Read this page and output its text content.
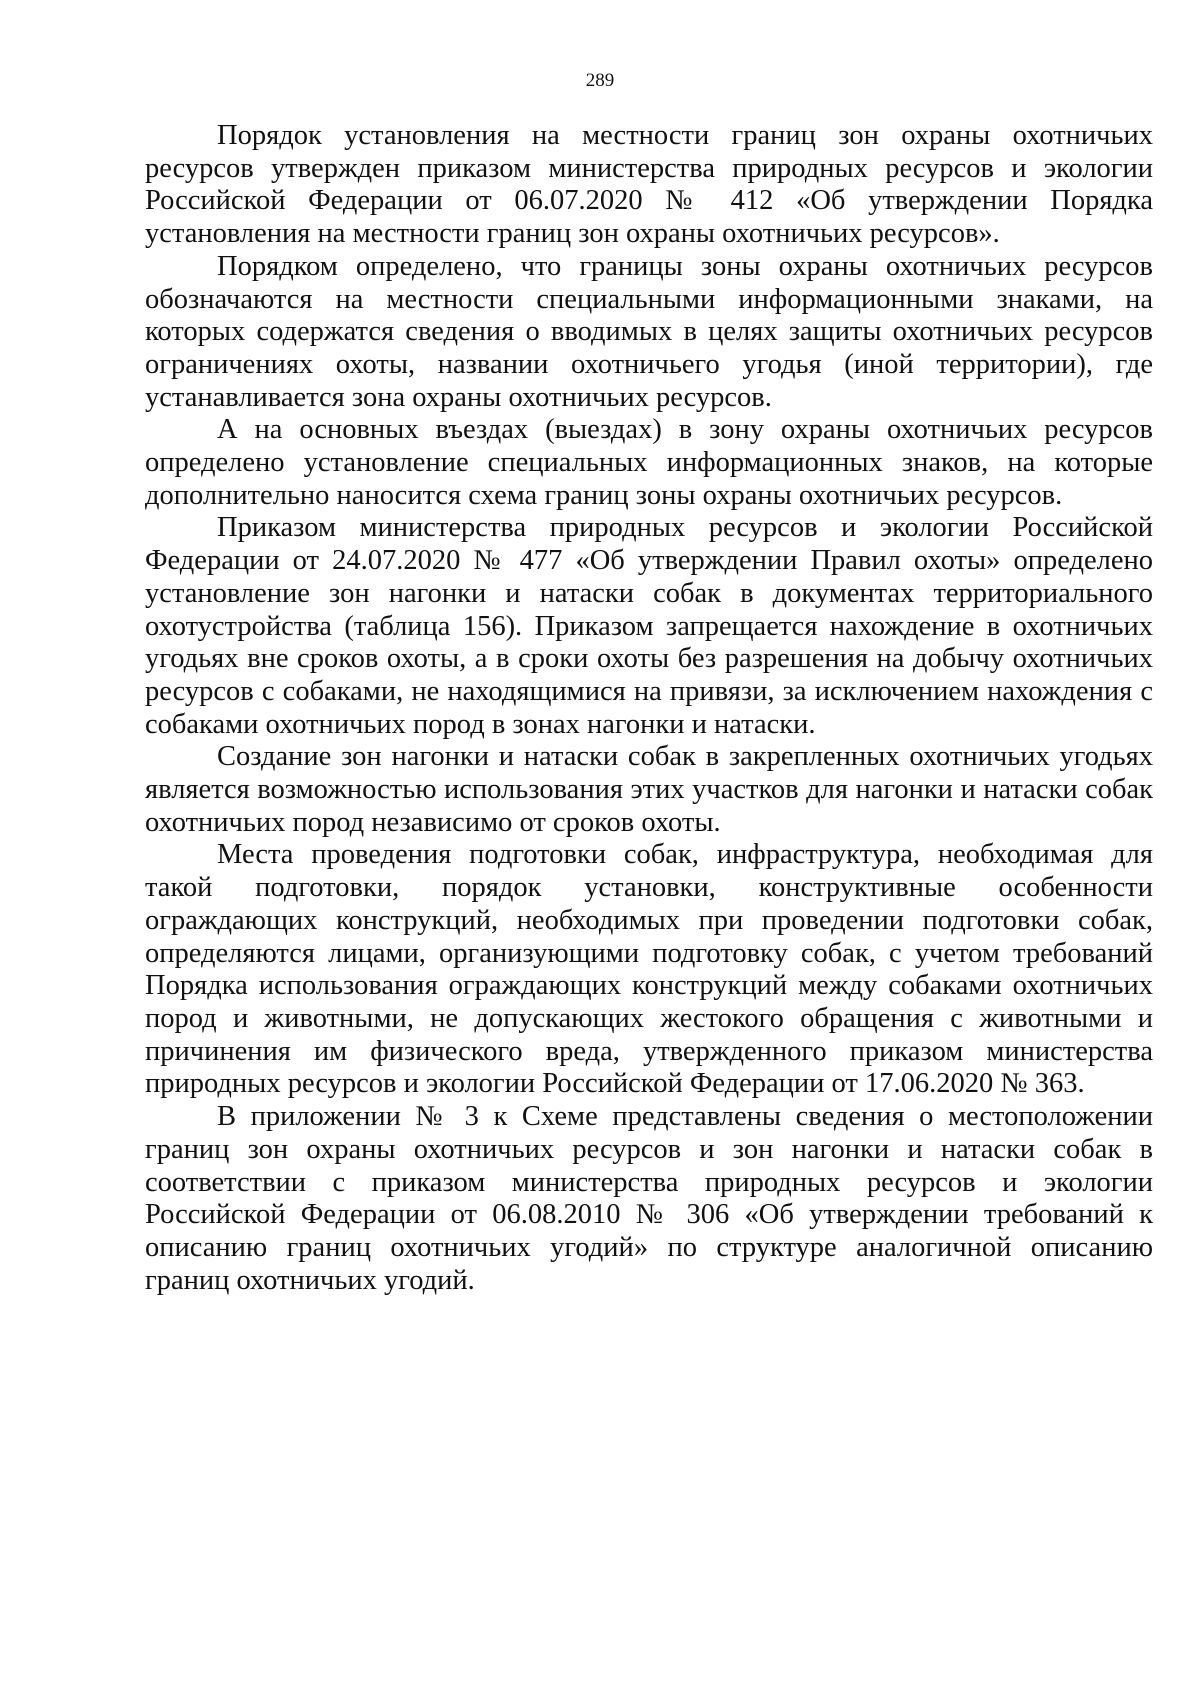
289

Порядок установления на местности границ зон охраны охотничьих ресурсов утвержден приказом министерства природных ресурсов и экологии Российской Федерации от 06.07.2020 № 412 «Об утверждении Порядка установления на местности границ зон охраны охотничьих ресурсов».

Порядком определено, что границы зоны охраны охотничьих ресурсов обозначаются на местности специальными информационными знаками, на которых содержатся сведения о вводимых в целях защиты охотничьих ресурсов ограничениях охоты, названии охотничьего угодья (иной территории), где устанавливается зона охраны охотничьих ресурсов.

А на основных въездах (выездах) в зону охраны охотничьих ресурсов определено установление специальных информационных знаков, на которые дополнительно наносится схема границ зоны охраны охотничьих ресурсов.

Приказом министерства природных ресурсов и экологии Российской Федерации от 24.07.2020 № 477 «Об утверждении Правил охоты» определено установление зон нагонки и натаски собак в документах территориального охотустройства (таблица 156). Приказом запрещается нахождение в охотничьих угодьях вне сроков охоты, а в сроки охоты без разрешения на добычу охотничьих ресурсов с собаками, не находящимися на привязи, за исключением нахождения с собаками охотничьих пород в зонах нагонки и натаски.

Создание зон нагонки и натаски собак в закрепленных охотничьих угодьях является возможностью использования этих участков для нагонки и натаски собак охотничьих пород независимо от сроков охоты.

Места проведения подготовки собак, инфраструктура, необходимая для такой подготовки, порядок установки, конструктивные особенности ограждающих конструкций, необходимых при проведении подготовки собак, определяются лицами, организующими подготовку собак, с учетом требований Порядка использования ограждающих конструкций между собаками охотничьих пород и животными, не допускающих жестокого обращения с животными и причинения им физического вреда, утвержденного приказом министерства природных ресурсов и экологии Российской Федерации от 17.06.2020 № 363.

В приложении № 3 к Схеме представлены сведения о местоположении границ зон охраны охотничьих ресурсов и зон нагонки и натаски собак в соответствии с приказом министерства природных ресурсов и экологии Российской Федерации от 06.08.2010 № 306 «Об утверждении требований к описанию границ охотничьих угодий» по структуре аналогичной описанию границ охотничьих угодий.
